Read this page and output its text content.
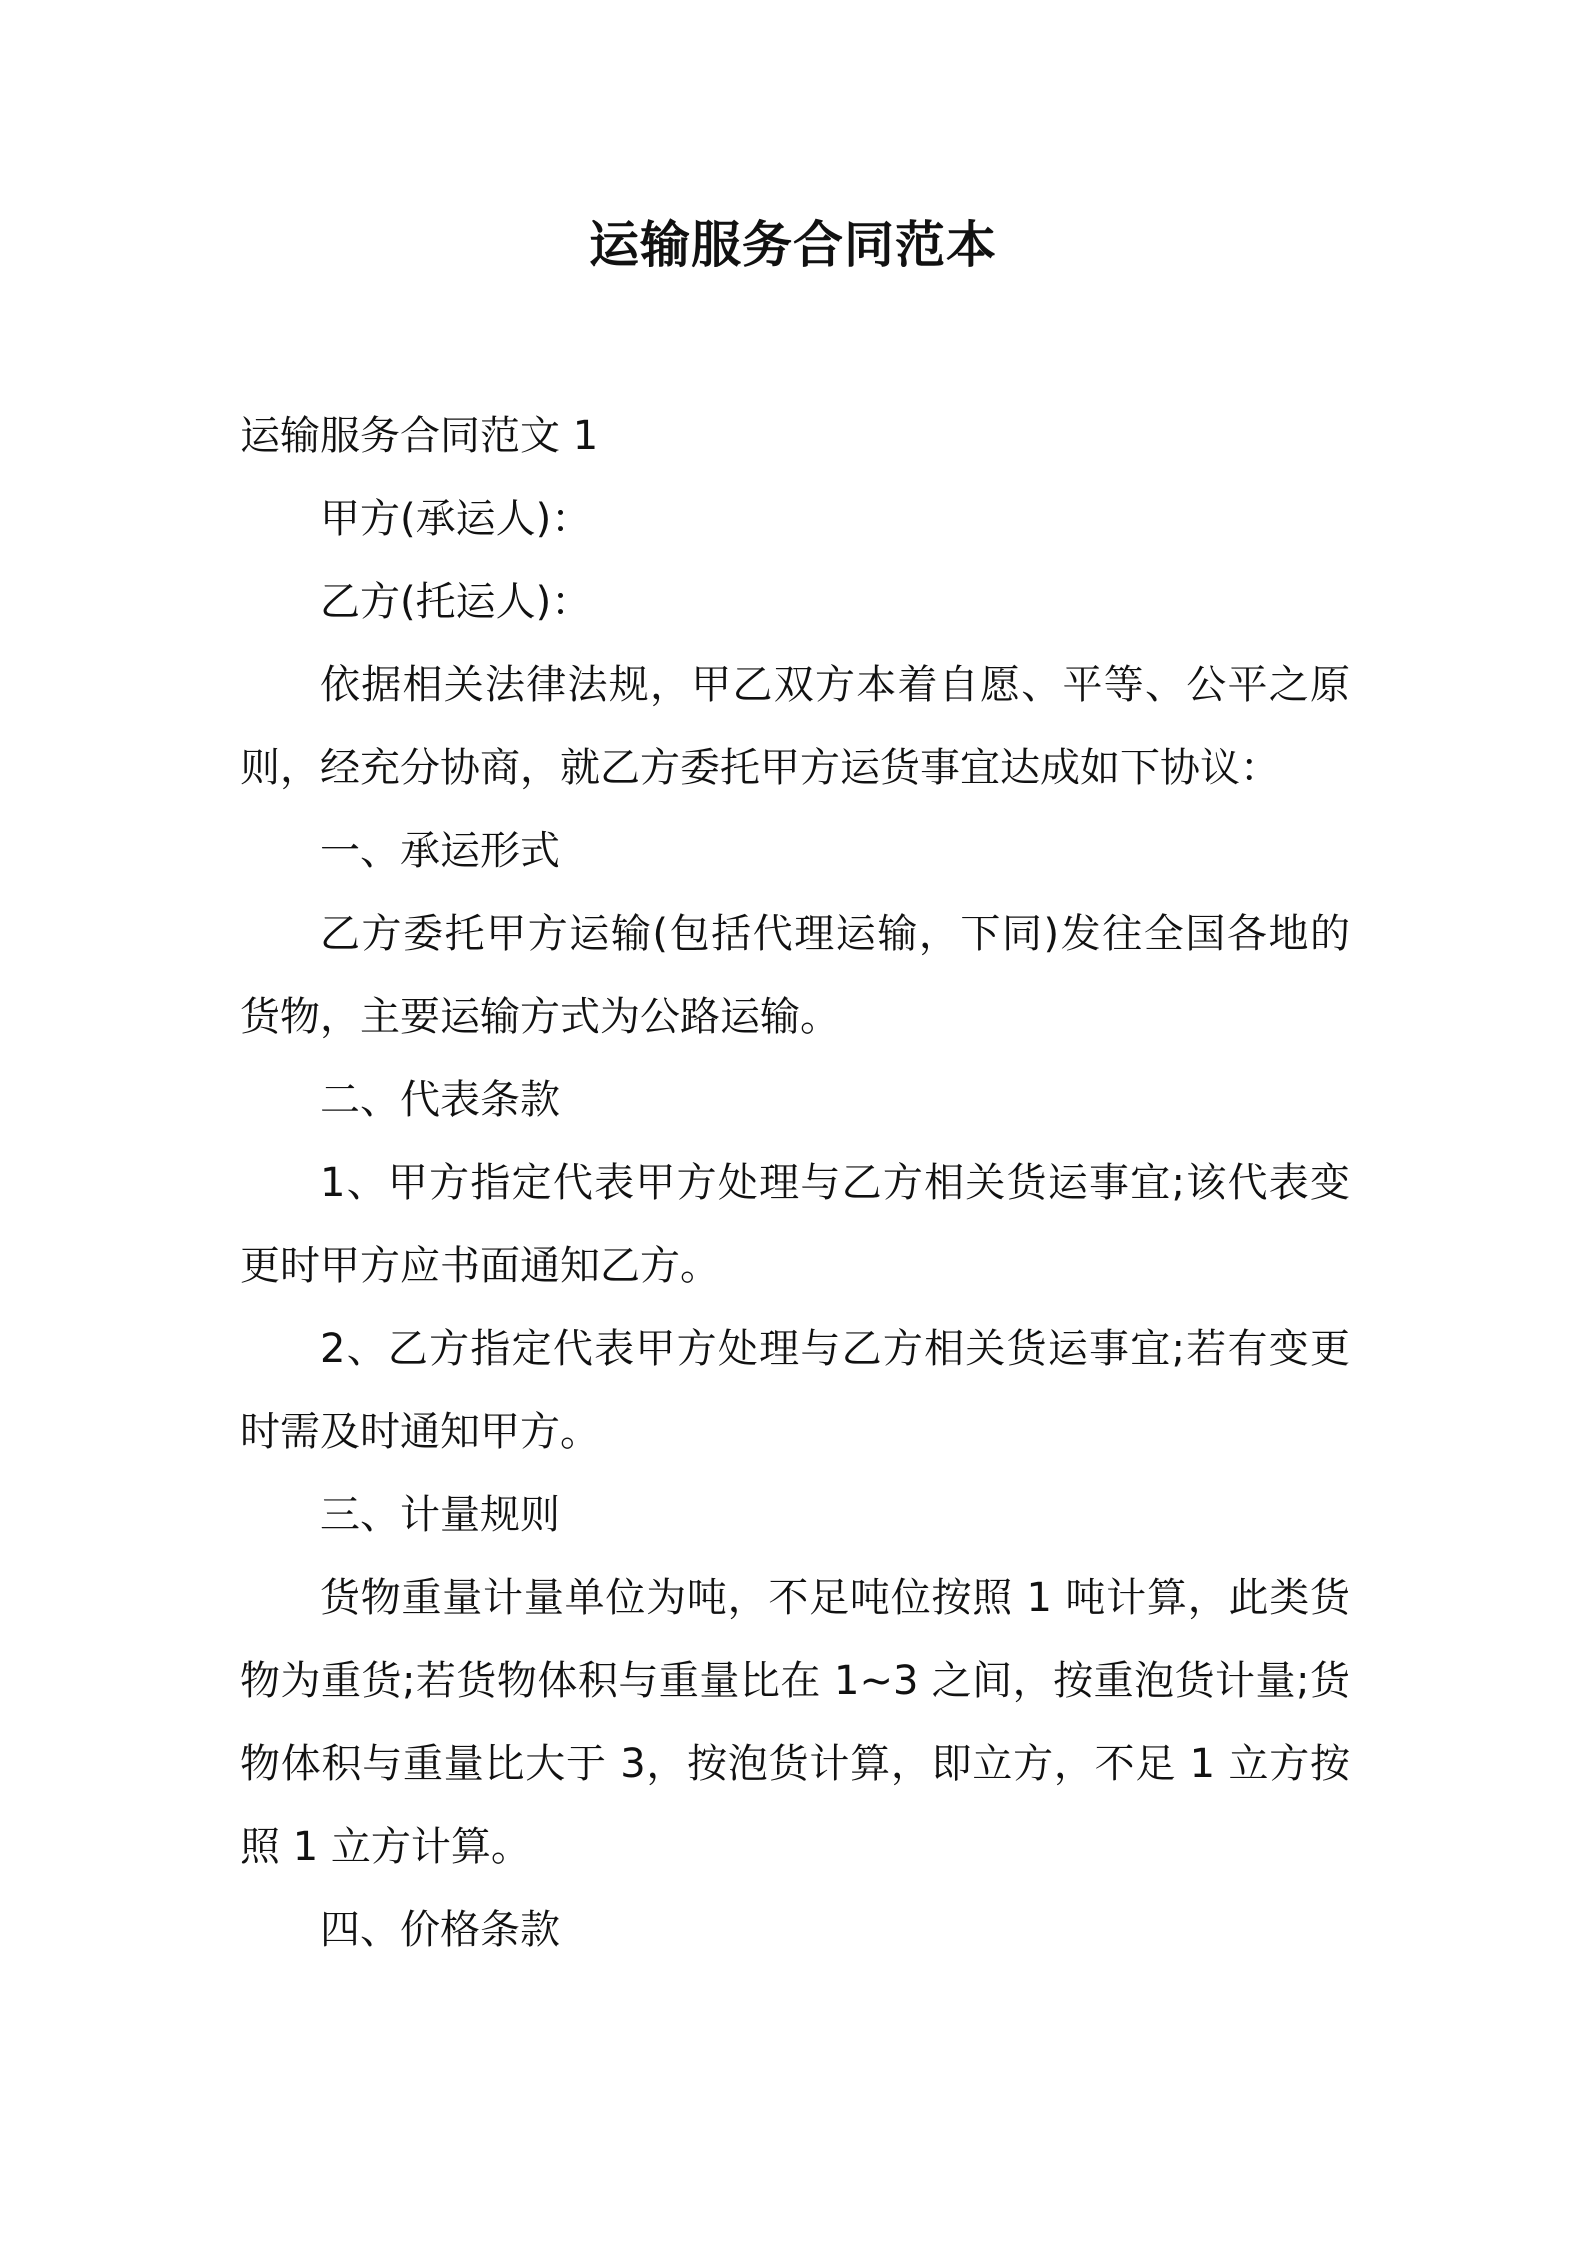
运输服务合同范本

运输服务合同范文 1

甲方(承运人)：

乙方(托运人)：

依据相关法律法规，甲乙双方本着自愿、平等、公平之原则，经充分协商，就乙方委托甲方运货事宜达成如下协议：

一、承运形式

乙方委托甲方运输(包括代理运输，下同)发往全国各地的货物，主要运输方式为公路运输。

二、代表条款

1、甲方指定代表甲方处理与乙方相关货运事宜;该代表变更时甲方应书面通知乙方。

2、乙方指定代表甲方处理与乙方相关货运事宜;若有变更时需及时通知甲方。

三、计量规则

货物重量计量单位为吨，不足吨位按照 1 吨计算，此类货物为重货;若货物体积与重量比在 1~3 之间，按重泡货计量;货物体积与重量比大于 3，按泡货计算，即立方，不足 1 立方按照 1 立方计算。

四、价格条款
